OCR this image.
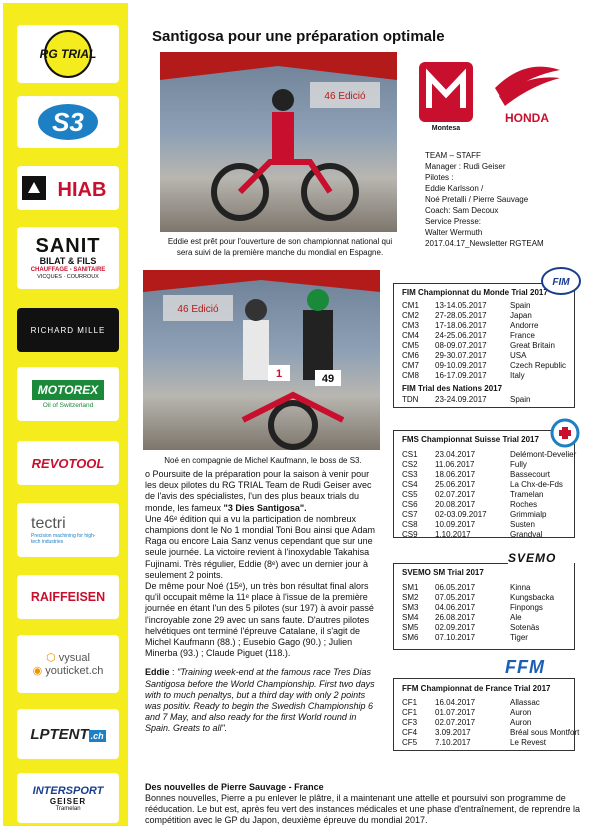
RG TRIAL
S3
HIAB
SANIT
BILAT & FILS
CHAUFFAGE - SANITAIRE
VICQUES · COURROUX
RICHARD MILLE
MOTOREX
Oil of Switzerland
REVOTOOL
tectri
Precision machining for high-tech industries
RAIFFEISEN
⬡ vysual
◉ youticket.ch
LPTENT .ch
INTERSPORT
GEISER
Tramelan
Santigosa pour une préparation optimale
46 Edició
Eddie est prêt pour l'ouverture de son championnat national qui sera suivi de la première manche du mondial en Espagne.
Montesa
HONDA
TEAM – STAFF
Manager : Rudi Geiser
Pilotes :
Eddie Karlsson /
Noé Pretalli / Pierre Sauvage
Coach: Sam Decoux
Service Presse:
Walter Wermuth
2017.04.17_Newsletter RGTEAM
46 Edició
1	49
Noé en compagnie de Michel Kaufmann, le boss de S3.
FIM Championnat du Monde Trial 2017
CM1 13-14.05.2017	Spain
CM2 27-28.05.2017	Japan
CM3 17-18.06.2017	Andorre
CM4 24-25.06.2017	France
CM5 08-09.07.2017	Great Britain
CM6 29-30.07.2017	USA
CM7 09-10.09.2017	Czech Republic
CM8 16-17.09.2017	Italy
FIM Trial des Nations 2017
TDN 23-24.09.2017	Spain
FIM
FMS Championnat Suisse Trial 2017
CS1 23.04.2017	Delémont-Develier
CS2 11.06.2017	Fully
CS3 18.06.2017	Bassecourt
CS4 25.06.2017	La Chx-de-Fds
CS5 02.07.2017	Tramelan
CS6 20.08.2017	Roches
CS7 02-03.09.2017	Grimmialp
CS8 10.09.2017	Susten
CS9 1.10.2017	Grandval
SVEMO SM Trial 2017
SM1 06.05.2017	Kinna
SM2 07.05.2017	Kungsbacka
SM3 04.06.2017	Finpongs
SM4 26.08.2017	Ale
SM5 02.09.2017	Sotenäs
SM6 07.10.2017	Tiger
SVEMO
FFM Championnat de France Trial 2017
CF1 16.04.2017	Allassac
CF1 01.07.2017	Auron
CF3 02.07.2017	Auron
CF4 3.09.2017	Bréal sous Montfort
CF5 7.10.2017	Le Revest
FFM

o Poursuite de la préparation pour la saison à venir pour les deux pilotes du RG TRIAL Team de Rudi Geiser avec de l'avis des spécialistes, l'un des plus beaux trials du monde, les fameux "3 Dies Santigosa".

Une 46ᵉ édition qui a vu la participation de nombreux champions dont le No 1 mondial Toni Bou ainsi que Adam Raga ou encore Laia Sanz venus cependant que sur une seule journée. La victoire revient à l'inoxydable Takahisa Fujinami. Très régulier, Eddie (8ᵉ) avec un dernier jour à seulement 2 points.

De même pour Noé (15ᵉ), un très bon résultat final alors qu'il occupait même la 11ᵉ place à l'issue de la première journée en étant l'un des 5 pilotes (sur 197) à avoir passé l'incroyable zone 29 avec un sans faute. D'autres pilotes helvétiques ont terminé l'épreuve Catalane, il s'agit de Michel Kaufmann (88.) ; Eusebio Gago (90.) ; Julien Minerba (93.) ; Claude Piguet (118.).

Eddie : "Training week-end at the famous race Tres Dias Santigosa before the World Championship. First two days with to much penaltys, but a third day with only 2 points was positiv. Ready to begin the Swedish Championship 6 and 7 May, and also ready for the first World round in Spain. Greats to all".

Des nouvelles de Pierre Sauvage - France
Bonnes nouvelles, Pierre a pu enlever le plâtre, il a maintenant une attelle et poursuivi son programme de rééducation. Le but est, après feu vert des instances médicales et une phase d'entraînement, de reprendre la compétition avec le GP du Japon, deuxième épreuve du mondial 2017.
